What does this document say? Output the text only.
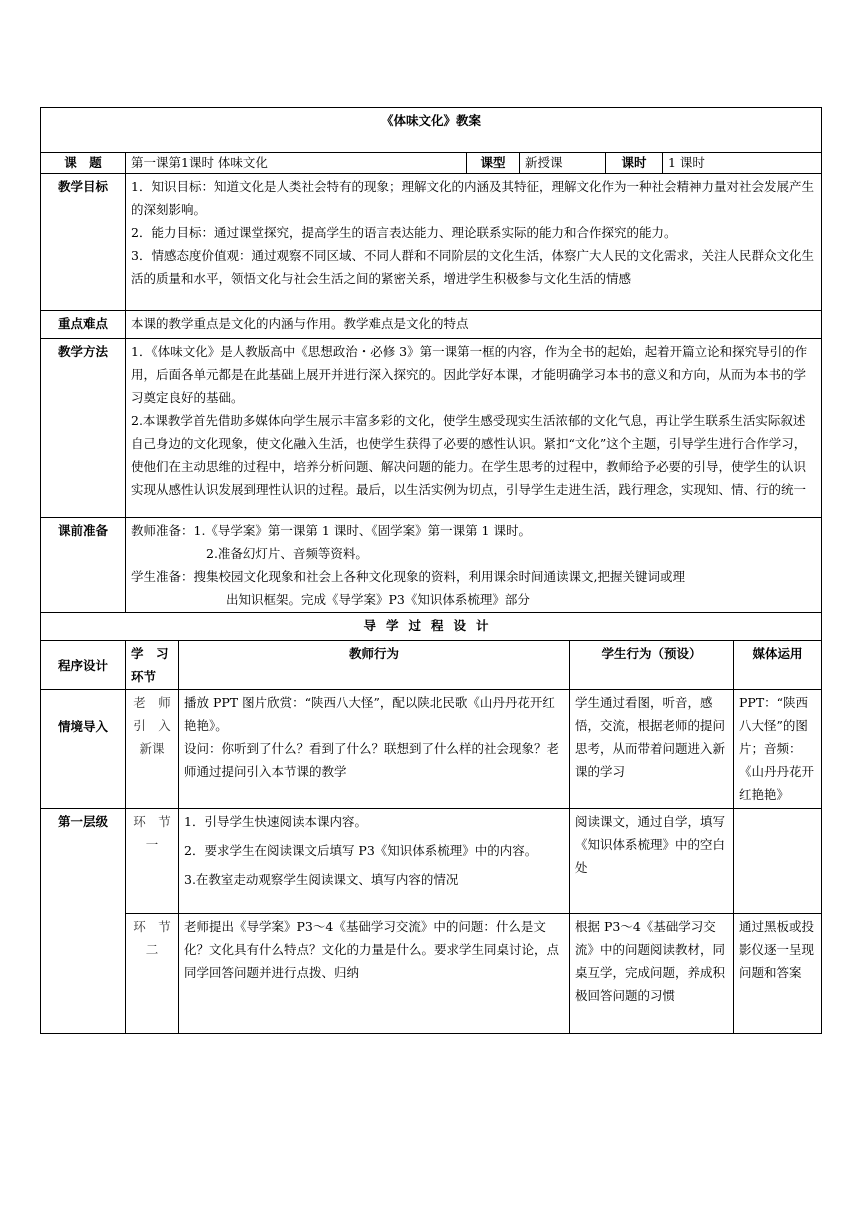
《体味文化》教案								
课　题	第一课第1课时 体味文化		课型	新授课		课时	1 课时	
教学目标	1．知识目标：知道文化是人类社会特有的现象；理解文化的内涵及其特征，理解文化作为一种社会精神力量对社会发展产生的深刻影响。

2．能力目标：通过课堂探究，提高学生的语言表达能力、理论联系实际的能力和合作探究的能力。

3．情感态度价值观：通过观察不同区域、不同人群和不同阶层的文化生活，体察广大人民的文化需求，关注人民群众文化生活的质量和水平，领悟文化与社会生活之间的紧密关系，增进学生积极参与文化生活的情感							

重点难点	本课的教学重点是文化的内涵与作用。教学难点是文化的特点							
教学方法	1．《体味文化》是人教版高中《思想政治・必修 3》第一课第一框的内容，作为全书的起始，起着开篇立论和探究导引的作用，后面各单元都是在此基础上展开并进行深入探究的。因此学好本课，才能明确学习本书的意义和方向，从而为本书的学习奠定良好的基础。

2.本课教学首先借助多媒体向学生展示丰富多彩的文化，使学生感受现实生活浓郁的文化气息，再让学生联系生活实际叙述自己身边的文化现象，使文化融入生活，也使学生获得了必要的感性认识。紧扣“文化”这个主题，引导学生进行合作学习，使他们在主动思维的过程中，培养分析问题、解决问题的能力。在学生思考的过程中，教师给予必要的引导，使学生的认识实现从感性认识发展到理性认识的过程。最后，以生活实例为切点，引导学生走进生活，践行理念，实现知、情、行的统一							

课前准备	教师准备：1.《导学案》第一课第 1 课时、《固学案》第一课第 1 课时。

2.准备幻灯片、音频等资料。

学生准备：搜集校园文化现象和社会上各种文化现象的资料，利用课余时间通读课文,把握关键词或理

出知识框架。完成《导学案》P3《知识体系梳理》部分							

导学过程设计								
程序设计	学　习环节	教师行为			学生行为（预设）			媒体运用
情境导入	老　师引　入新课	播放 PPT 图片欣赏：“陕西八大怪”，配以陕北民歌《山丹丹花开红艳艳》。

设问：你听到了什么？看到了什么？联想到了什么样的社会现象？老师通过提问引入本节课的教学			学生通过看图，听音，感悟，交流，根据老师的提问思考，从而带着问题进入新课的学习			PPT：“陕西八大怪”的图片；音频：《山丹丹花开红艳艳》
第一层级	环　节一	1．引导学生快速阅读本课内容。

2．要求学生在阅读课文后填写 P3《知识体系梳理》中的内容。

3.在教室走动观察学生阅读课文、填写内容的情况			阅读课文，通过自学，填写《知识体系梳理》中的空白处			
	环　节二	老师提出《导学案》P3～4《基础学习交流》中的问题：什么是文化？文化具有什么特点？文化的力量是什么。要求学生同桌讨论，点同学回答问题并进行点拨、归纳			根据 P3～4《基础学习交流》中的问题阅读教材，同桌互学，完成问题，养成积极回答问题的习惯			通过黑板或投影仪逐一呈现问题和答案
